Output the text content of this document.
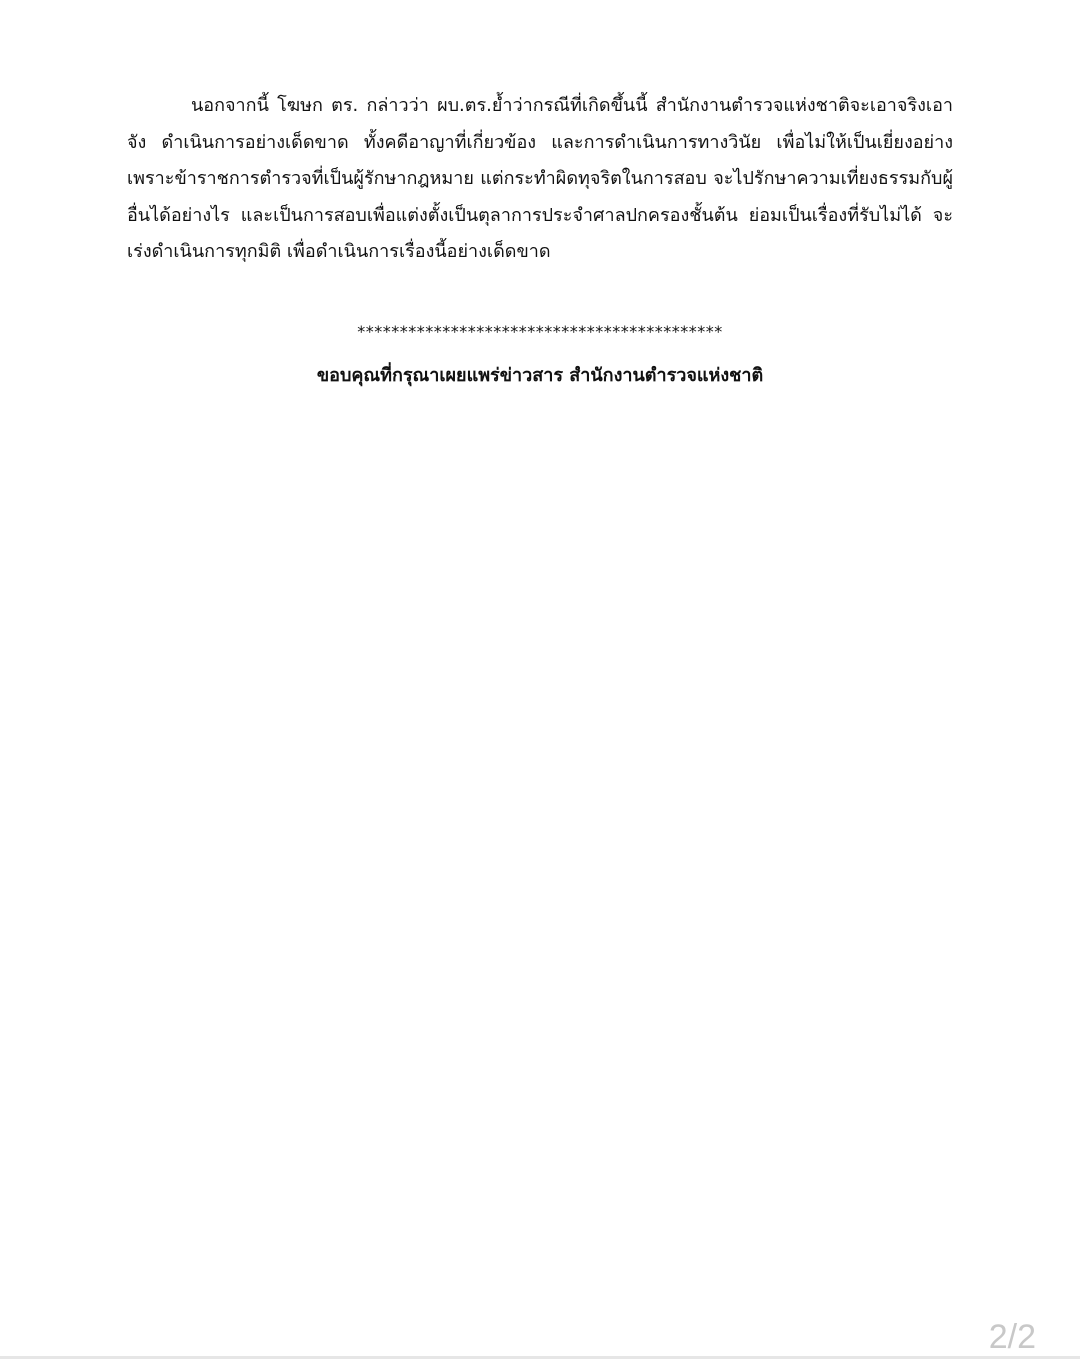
นอกจากนี้ โฆษก ตร. กล่าวว่า ผบ.ตร.ย้ำว่ากรณีที่เกิดขึ้นนี้ สำนักงานตำรวจแห่งชาติจะเอาจริงเอาจัง ดำเนินการอย่างเด็ดขาด ทั้งคดีอาญาที่เกี่ยวข้อง และการดำเนินการทางวินัย เพื่อไม่ให้เป็นเยี่ยงอย่าง เพราะข้าราชการตำรวจที่เป็นผู้รักษากฎหมาย แต่กระทำผิดทุจริตในการสอบ จะไปรักษาความเที่ยงธรรมกับผู้อื่นได้อย่างไร และเป็นการสอบเพื่อแต่งตั้งเป็นตุลาการประจำศาลปกครองชั้นต้น ย่อมเป็นเรื่องที่รับไม่ได้ จะเร่งดำเนินการทุกมิติ เพื่อดำเนินการเรื่องนี้อย่างเด็ดขาด

*******************************************

ขอบคุณที่กรุณาเผยแพร่ข่าวสาร สำนักงานตำรวจแห่งชาติ

2/2
